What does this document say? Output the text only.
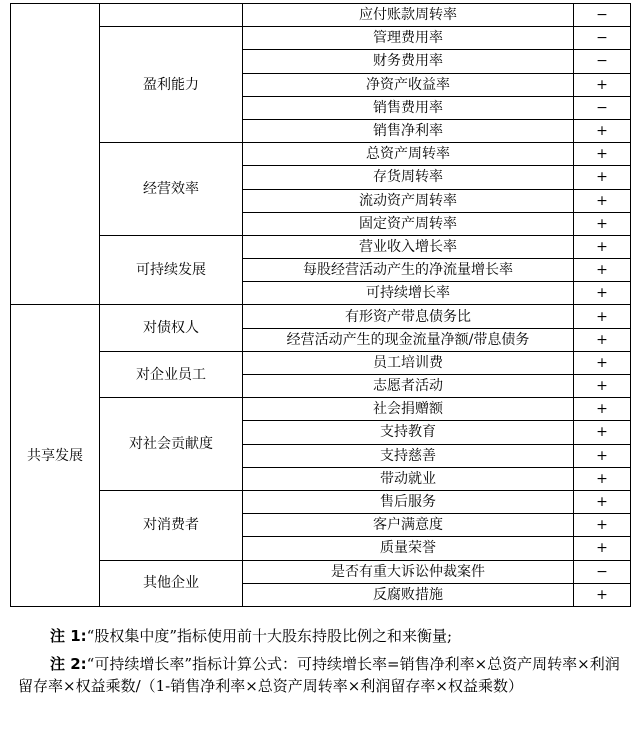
		应付账款周转率	−
	盈利能力	管理费用率	−
		财务费用率	−
		净资产收益率	+
		销售费用率	−
		销售净利率	+
	经营效率	总资产周转率	+
		存货周转率	+
		流动资产周转率	+
		固定资产周转率	+
	可持续发展	营业收入增长率	+
		每股经营活动产生的净流量增长率	+
		可持续增长率	+
共享发展	对债权人	有形资产带息债务比	+
		经营活动产生的现金流量净额/带息债务	+
	对企业员工	员工培训费	+
		志愿者活动	+
	对社会贡献度	社会捐赠额	+
		支持教育	+
		支持慈善	+
		带动就业	+
	对消费者	售后服务	+
		客户满意度	+
		质量荣誉	+
	其他企业	是否有重大诉讼仲裁案件	−
		反腐败措施	+
注 1:“股权集中度”指标使用前十大股东持股比例之和来衡量;
注 2:“可持续增长率”指标计算公式：可持续增长率=销售净利率×总资产周转率×利润留存率×权益乘数/（1-销售净利率×总资产周转率×利润留存率×权益乘数）
